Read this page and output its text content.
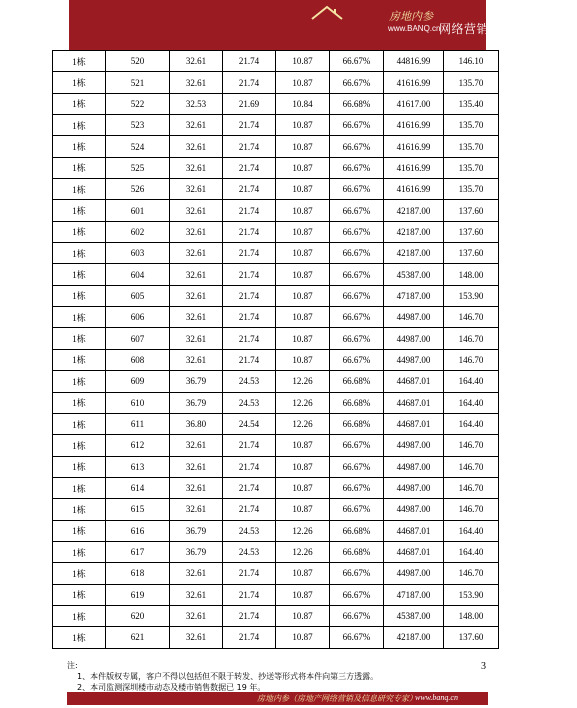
房地内参
www.BANQ.cn
网络营销及信息研究专家
1栋	520	32.61	21.74	10.87	66.67%	44816.99	146.10
1栋	521	32.61	21.74	10.87	66.67%	41616.99	135.70
1栋	522	32.53	21.69	10.84	66.68%	41617.00	135.40
1栋	523	32.61	21.74	10.87	66.67%	41616.99	135.70
1栋	524	32.61	21.74	10.87	66.67%	41616.99	135.70
1栋	525	32.61	21.74	10.87	66.67%	41616.99	135.70
1栋	526	32.61	21.74	10.87	66.67%	41616.99	135.70
1栋	601	32.61	21.74	10.87	66.67%	42187.00	137.60
1栋	602	32.61	21.74	10.87	66.67%	42187.00	137.60
1栋	603	32.61	21.74	10.87	66.67%	42187.00	137.60
1栋	604	32.61	21.74	10.87	66.67%	45387.00	148.00
1栋	605	32.61	21.74	10.87	66.67%	47187.00	153.90
1栋	606	32.61	21.74	10.87	66.67%	44987.00	146.70
1栋	607	32.61	21.74	10.87	66.67%	44987.00	146.70
1栋	608	32.61	21.74	10.87	66.67%	44987.00	146.70
1栋	609	36.79	24.53	12.26	66.68%	44687.01	164.40
1栋	610	36.79	24.53	12.26	66.68%	44687.01	164.40
1栋	611	36.80	24.54	12.26	66.68%	44687.01	164.40
1栋	612	32.61	21.74	10.87	66.67%	44987.00	146.70
1栋	613	32.61	21.74	10.87	66.67%	44987.00	146.70
1栋	614	32.61	21.74	10.87	66.67%	44987.00	146.70
1栋	615	32.61	21.74	10.87	66.67%	44987.00	146.70
1栋	616	36.79	24.53	12.26	66.68%	44687.01	164.40
1栋	617	36.79	24.53	12.26	66.68%	44687.01	164.40
1栋	618	32.61	21.74	10.87	66.67%	44987.00	146.70
1栋	619	32.61	21.74	10.87	66.67%	47187.00	153.90
1栋	620	32.61	21.74	10.87	66.67%	45387.00	148.00
1栋	621	32.61	21.74	10.87	66.67%	42187.00	137.60
注:
1、本件版权专属，客户不得以包括但不限于转发、抄送等形式将本件向第三方透露。
2、本司监测深圳楼市动态及楼市销售数据已 19 年。
3
房地内参（房地产网络营销及信息研究专家）
www.banq.cn
